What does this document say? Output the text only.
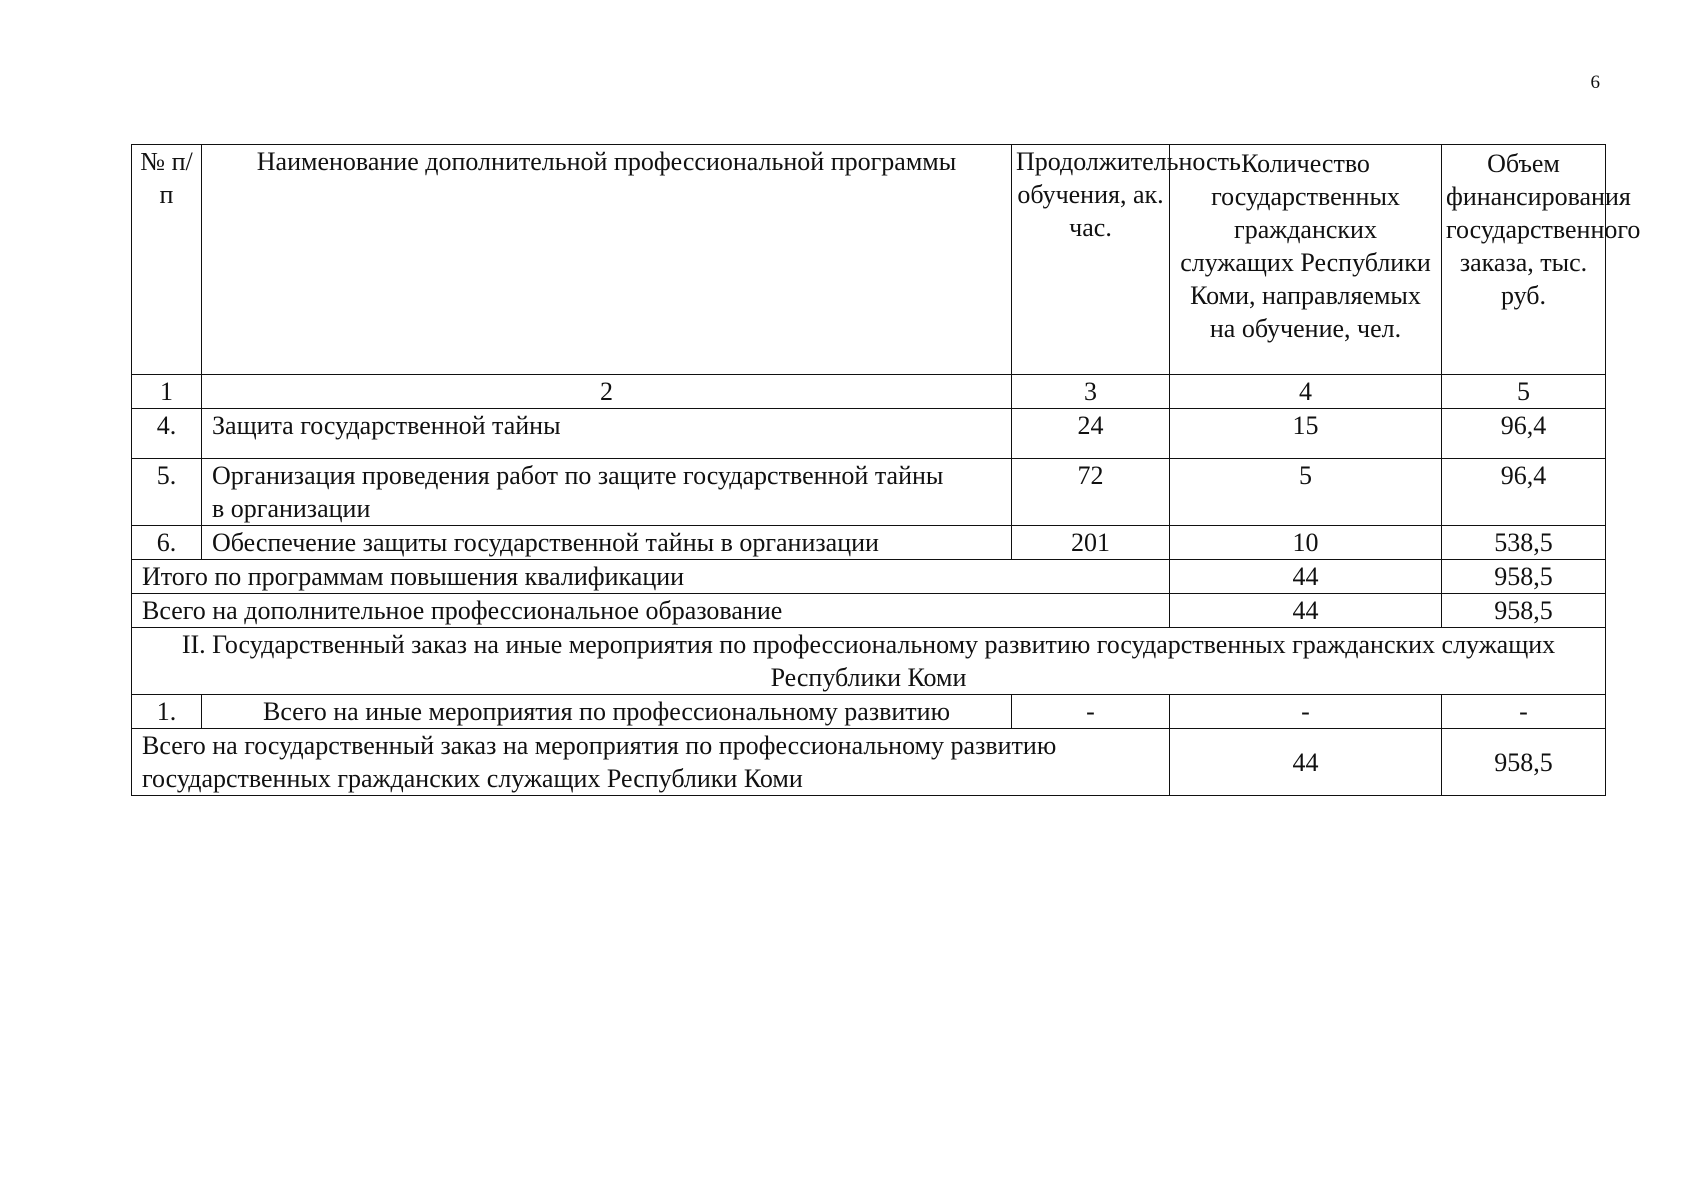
6
№ п/п	Наименование дополнительной профессиональной программы	Продолжительность обучения, ак. час.	Количество государственных гражданских служащих Республики Коми, направляемых на обучение, чел.	Объем финансирования государственного заказа, тыс. руб.
1	2	3	4	5
4.	Защита государственной тайны	24	15	96,4
5.	Организация проведения работ по защите государственной тайны в организации	72	5	96,4
6.	Обеспечение защиты государственной тайны в организации	201	10	538,5
Итого по программам повышения квалификации			44	958,5
Всего на дополнительное профессиональное образование			44	958,5
II. Государственный заказ на иные мероприятия по профессиональному развитию государственных гражданских служащих Республики Коми				
1.	Всего на иные мероприятия по профессиональному развитию	-	-	-
Всего на государственный заказ на мероприятия по профессиональному развитию государственных гражданских служащих Республики Коми			44	958,5
